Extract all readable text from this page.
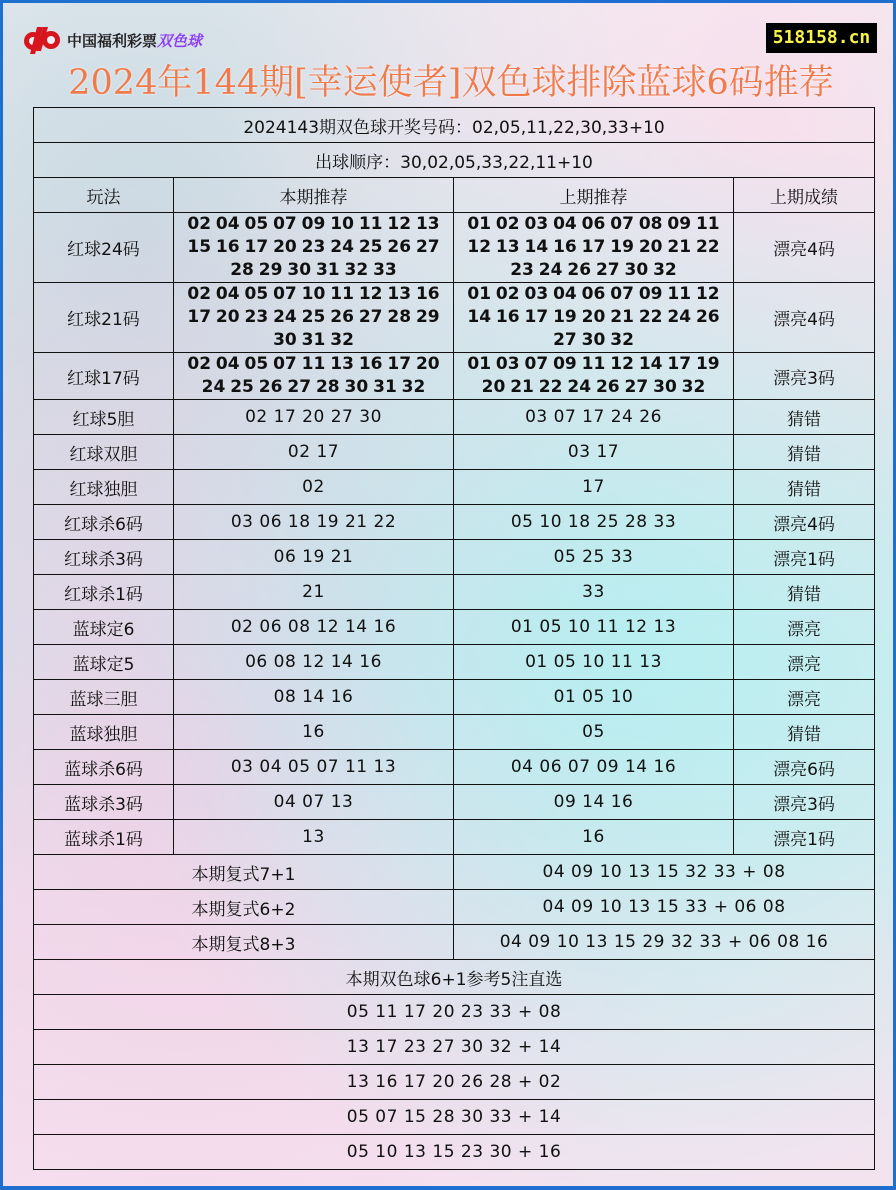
中国福利彩票双色球	518158.cn
2024年144期[幸运使者]双色球排除蓝球6码推荐
2024143期双色球开奖号码：02,05,11,22,30,33+10			
出球顺序：30,02,05,33,22,11+10			
玩法	本期推荐	上期推荐	上期成绩
红球24码	02 04 05 07 09 10 11 12 13 15 16 17 20 23 24 25 26 27 28 29 30 31 32 33	01 02 03 04 06 07 08 09 11 12 13 14 16 17 19 20 21 22 23 24 26 27 30 32	漂亮4码
红球21码	02 04 05 07 10 11 12 13 16 17 20 23 24 25 26 27 28 29 30 31 32	01 02 03 04 06 07 09 11 12 14 16 17 19 20 21 22 24 26 27 30 32	漂亮4码
红球17码	02 04 05 07 11 13 16 17 20 24 25 26 27 28 30 31 32	01 03 07 09 11 12 14 17 19 20 21 22 24 26 27 30 32	漂亮3码
红球5胆	02 17 20 27 30	03 07 17 24 26	猜错
红球双胆	02 17	03 17	猜错
红球独胆	02	17	猜错
红球杀6码	03 06 18 19 21 22	05 10 18 25 28 33	漂亮4码
红球杀3码	06 19 21	05 25 33	漂亮1码
红球杀1码	21	33	猜错
蓝球定6	02 06 08 12 14 16	01 05 10 11 12 13	漂亮
蓝球定5	06 08 12 14 16	01 05 10 11 13	漂亮
蓝球三胆	08 14 16	01 05 10	漂亮
蓝球独胆	16	05	猜错
蓝球杀6码	03 04 05 07 11 13	04 06 07 09 14 16	漂亮6码
蓝球杀3码	04 07 13	09 14 16	漂亮3码
蓝球杀1码	13	16	漂亮1码
本期复式7+1		04 09 10 13 15 32 33 + 08	
本期复式6+2		04 09 10 13 15 33 + 06 08	
本期复式8+3		04 09 10 13 15 29 32 33 + 06 08 16	
本期双色球6+1参考5注直选			
05 11 17 20 23 33 + 08			
13 17 23 27 30 32 + 14			
13 16 17 20 26 28 + 02			
05 07 15 28 30 33 + 14			
05 10 13 15 23 30 + 16			
